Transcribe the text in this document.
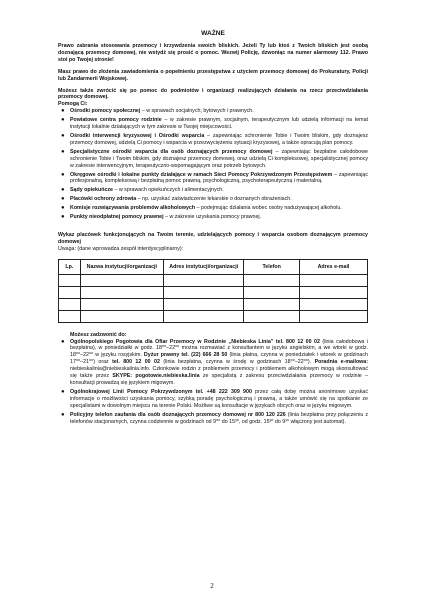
WAŻNE

Prawo zabrania stosowania przemocy i krzywdzenia swoich bliskich. Jeżeli Ty lub ktoś z Twoich bliskich jest osobą doznającą przemocy domowej, nie wstydź się prosić o pomoc. Wezwij Policję, dzwoniąc na numer alarmowy 112. Prawo stoi po Twojej stronie!

Masz prawo do złożenia zawiadomienia o popełnieniu przestępstwa z użyciem przemocy domowej do Prokuratury, Policji lub Żandarmerii Wojskowej.

Możesz także zwrócić się po pomoc do podmiotów i organizacji realizujących działania na rzecz przeciwdziałania przemocy domowej.

Pomogą Ci:

● Ośrodki pomocy społecznej – w sprawach socjalnych, bytowych i prawnych.
● Powiatowe centra pomocy rodzinie – w zakresie prawnym, socjalnym, terapeutycznym lub udzielą informacji na temat instytucji lokalnie działających w tym zakresie w Twojej miejscowości.
● Ośrodki interwencji kryzysowej i Ośrodki wsparcia – zapewniając schronienie Tobie i Twoim bliskim, gdy doznajesz przemocy domowej, udzielą Ci pomocy i wsparcia w przezwyciężeniu sytuacji kryzysowej, a także opracują plan pomocy.
● Specjalistyczne ośrodki wsparcia dla osób doznających przemocy domowej – zapewniając bezpłatne całodobowe schronienie Tobie i Twoim bliskim, gdy doznajesz przemocy domowej, oraz udzielą Ci kompleksowej, specjalistycznej pomocy w zakresie interwencyjnym, terapeutyczno-wspomagającym oraz potrzeb bytowych.
● Okręgowe ośrodki i lokalne punkty działające w ramach Sieci Pomocy Pokrzywdzonym Przestępstwem – zapewniając profesjonalną, kompleksową i bezpłatną pomoc prawną, psychologiczną, psychoterapeutyczną i materialną.
● Sądy opiekuńcze – w sprawach opiekuńczych i alimentacyjnych.
● Placówki ochrony zdrowia – np. uzyskać zaświadczenie lekarskie o doznanych obrażeniach.
● Komisje rozwiązywania problemów alkoholowych – podejmując działania wobec osoby nadużywającej alkoholu.
● Punkty nieodpłatnej pomocy prawnej – w zakresie uzyskania pomocy prawnej.

Wykaz placówek funkcjonujących na Twoim terenie, udzielających pomocy i wsparcia osobom doznającym przemocy domowej

Uwaga: (dane wprowadza zespół interdyscyplinarny):

Lp.	Nazwa instytucji/organizacji	Adres instytucji/organizacji	Telefon	Adres e-mail

Możesz zadzwonić do:

● Ogólnopolskiego Pogotowia dla Ofiar Przemocy w Rodzinie „Niebieska Linia” tel. 800 12 00 02 (linia całodobowa i bezpłatna), w poniedziałki w godz. 18⁰⁰–22⁰⁰ można rozmawiać z konsultantem w języku angielskim, a we wtorki w godz. 18⁰⁰–22⁰⁰ w języku rosyjskim. Dyżur prawny tel. (22) 666 28 50 (linia płatna, czynna w poniedziałek i wtorek w godzinach 17⁰⁰–21⁰⁰) oraz tel. 800 12 00 02 (linia bezpłatna, czynna w środę w godzinach 18⁰⁰–22⁰⁰). Poradnia e-mailowa: niebieskalinia@niebieskalinia.info. Członkowie rodzin z problemem przemocy i problemem alkoholowym mogą skonsultować się także przez SKYPE: pogotowie.niebieska.linia ze specjalistą z zakresu przeciwdziałania przemocy w rodzinie – konsultacji prowadzą się językiem migowym.
● Ogólnokrajowej Linii Pomocy Pokrzywdzonym tel. +48 222 309 900 przez całą dobę można anonimowo uzyskać informacje o możliwości uzyskania pomocy, szybką poradę psychologiczną i prawną, a także umówić się na spotkanie ze specjalistami w dowolnym miejscu na terenie Polski. Możliwe są konsultacje w językach obcych oraz w języku migowym.
● Policyjny telefon zaufania dla osób doznających przemocy domowej nr 800 120 226 (linia bezpłatna przy połączeniu z telefonów stacjonarnych, czynna codziennie w godzinach od 9⁰⁰ do 15³⁰, od godz. 15³⁰ do 9³⁰ włączony jest automat).
2
